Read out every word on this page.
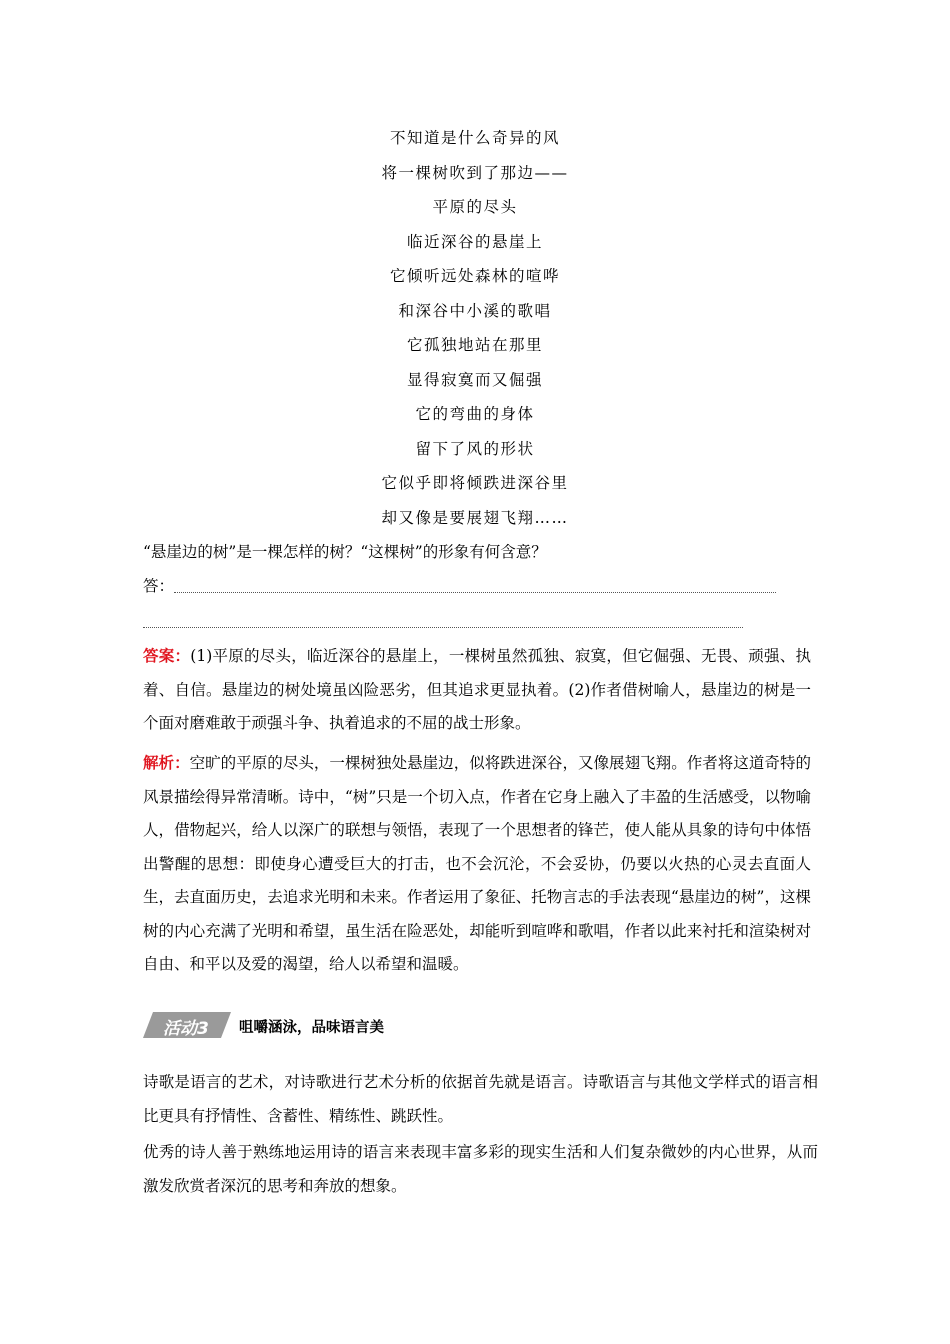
不知道是什么奇异的风
将一棵树吹到了那边——
平原的尽头
临近深谷的悬崖上
它倾听远处森林的喧哗
和深谷中小溪的歌唱
它孤独地站在那里
显得寂寞而又倔强
它的弯曲的身体
留下了风的形状
它似乎即将倾跌进深谷里
却又像是要展翅飞翔……
“悬崖边的树”是一棵怎样的树？“这棵树”的形象有何含意？
答：
答案：(1)平原的尽头，临近深谷的悬崖上，一棵树虽然孤独、寂寞，但它倔强、无畏、顽强、执着、自信。悬崖边的树处境虽凶险恶劣，但其追求更显执着。(2)作者借树喻人，悬崖边的树是一个面对磨难敢于顽强斗争、执着追求的不屈的战士形象。
解析：空旷的平原的尽头，一棵树独处悬崖边，似将跌进深谷，又像展翅飞翔。作者将这道奇特的风景描绘得异常清晰。诗中，“树”只是一个切入点，作者在它身上融入了丰盈的生活感受，以物喻人，借物起兴，给人以深广的联想与领悟，表现了一个思想者的锋芒，使人能从具象的诗句中体悟出警醒的思想：即使身心遭受巨大的打击，也不会沉沦，不会妥协，仍要以火热的心灵去直面人生，去直面历史，去追求光明和未来。作者运用了象征、托物言志的手法表现“悬崖边的树”，这棵树的内心充满了光明和希望，虽生活在险恶处，却能听到喧哗和歌唱，作者以此来衬托和渲染树对自由、和平以及爱的渴望，给人以希望和温暖。
活动3 咀嚼涵泳，品味语言美
诗歌是语言的艺术，对诗歌进行艺术分析的依据首先就是语言。诗歌语言与其他文学样式的语言相比更具有抒情性、含蓄性、精练性、跳跃性。
优秀的诗人善于熟练地运用诗的语言来表现丰富多彩的现实生活和人们复杂微妙的内心世界，从而激发欣赏者深沉的思考和奔放的想象。
